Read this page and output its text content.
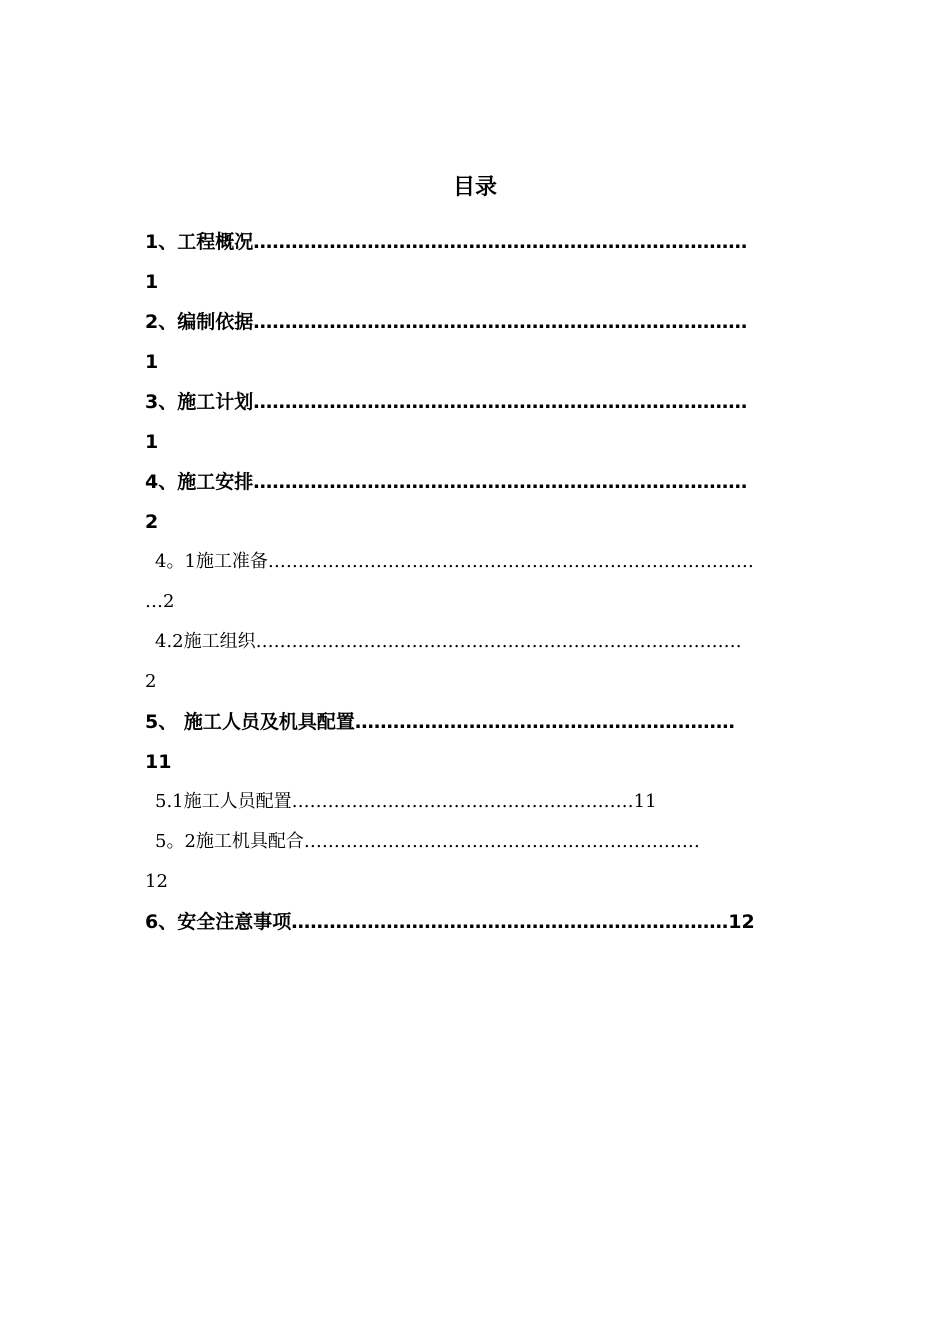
目录
1、工程概况……………………………………………………………………
1
2、编制依据……………………………………………………………………
1
3、施工计划……………………………………………………………………
1
4、施工安排……………………………………………………………………
2
4。1施工准备………………………………………………………………………
…2
4.2施工组织………………………………………………………………………
2
5、 施工人员及机具配置……………………………………………………
11
5.1施工人员配置…………………………………………………11
5。2施工机具配合…………………………………………………………
12
6、安全注意事项……………………………………………………………12
